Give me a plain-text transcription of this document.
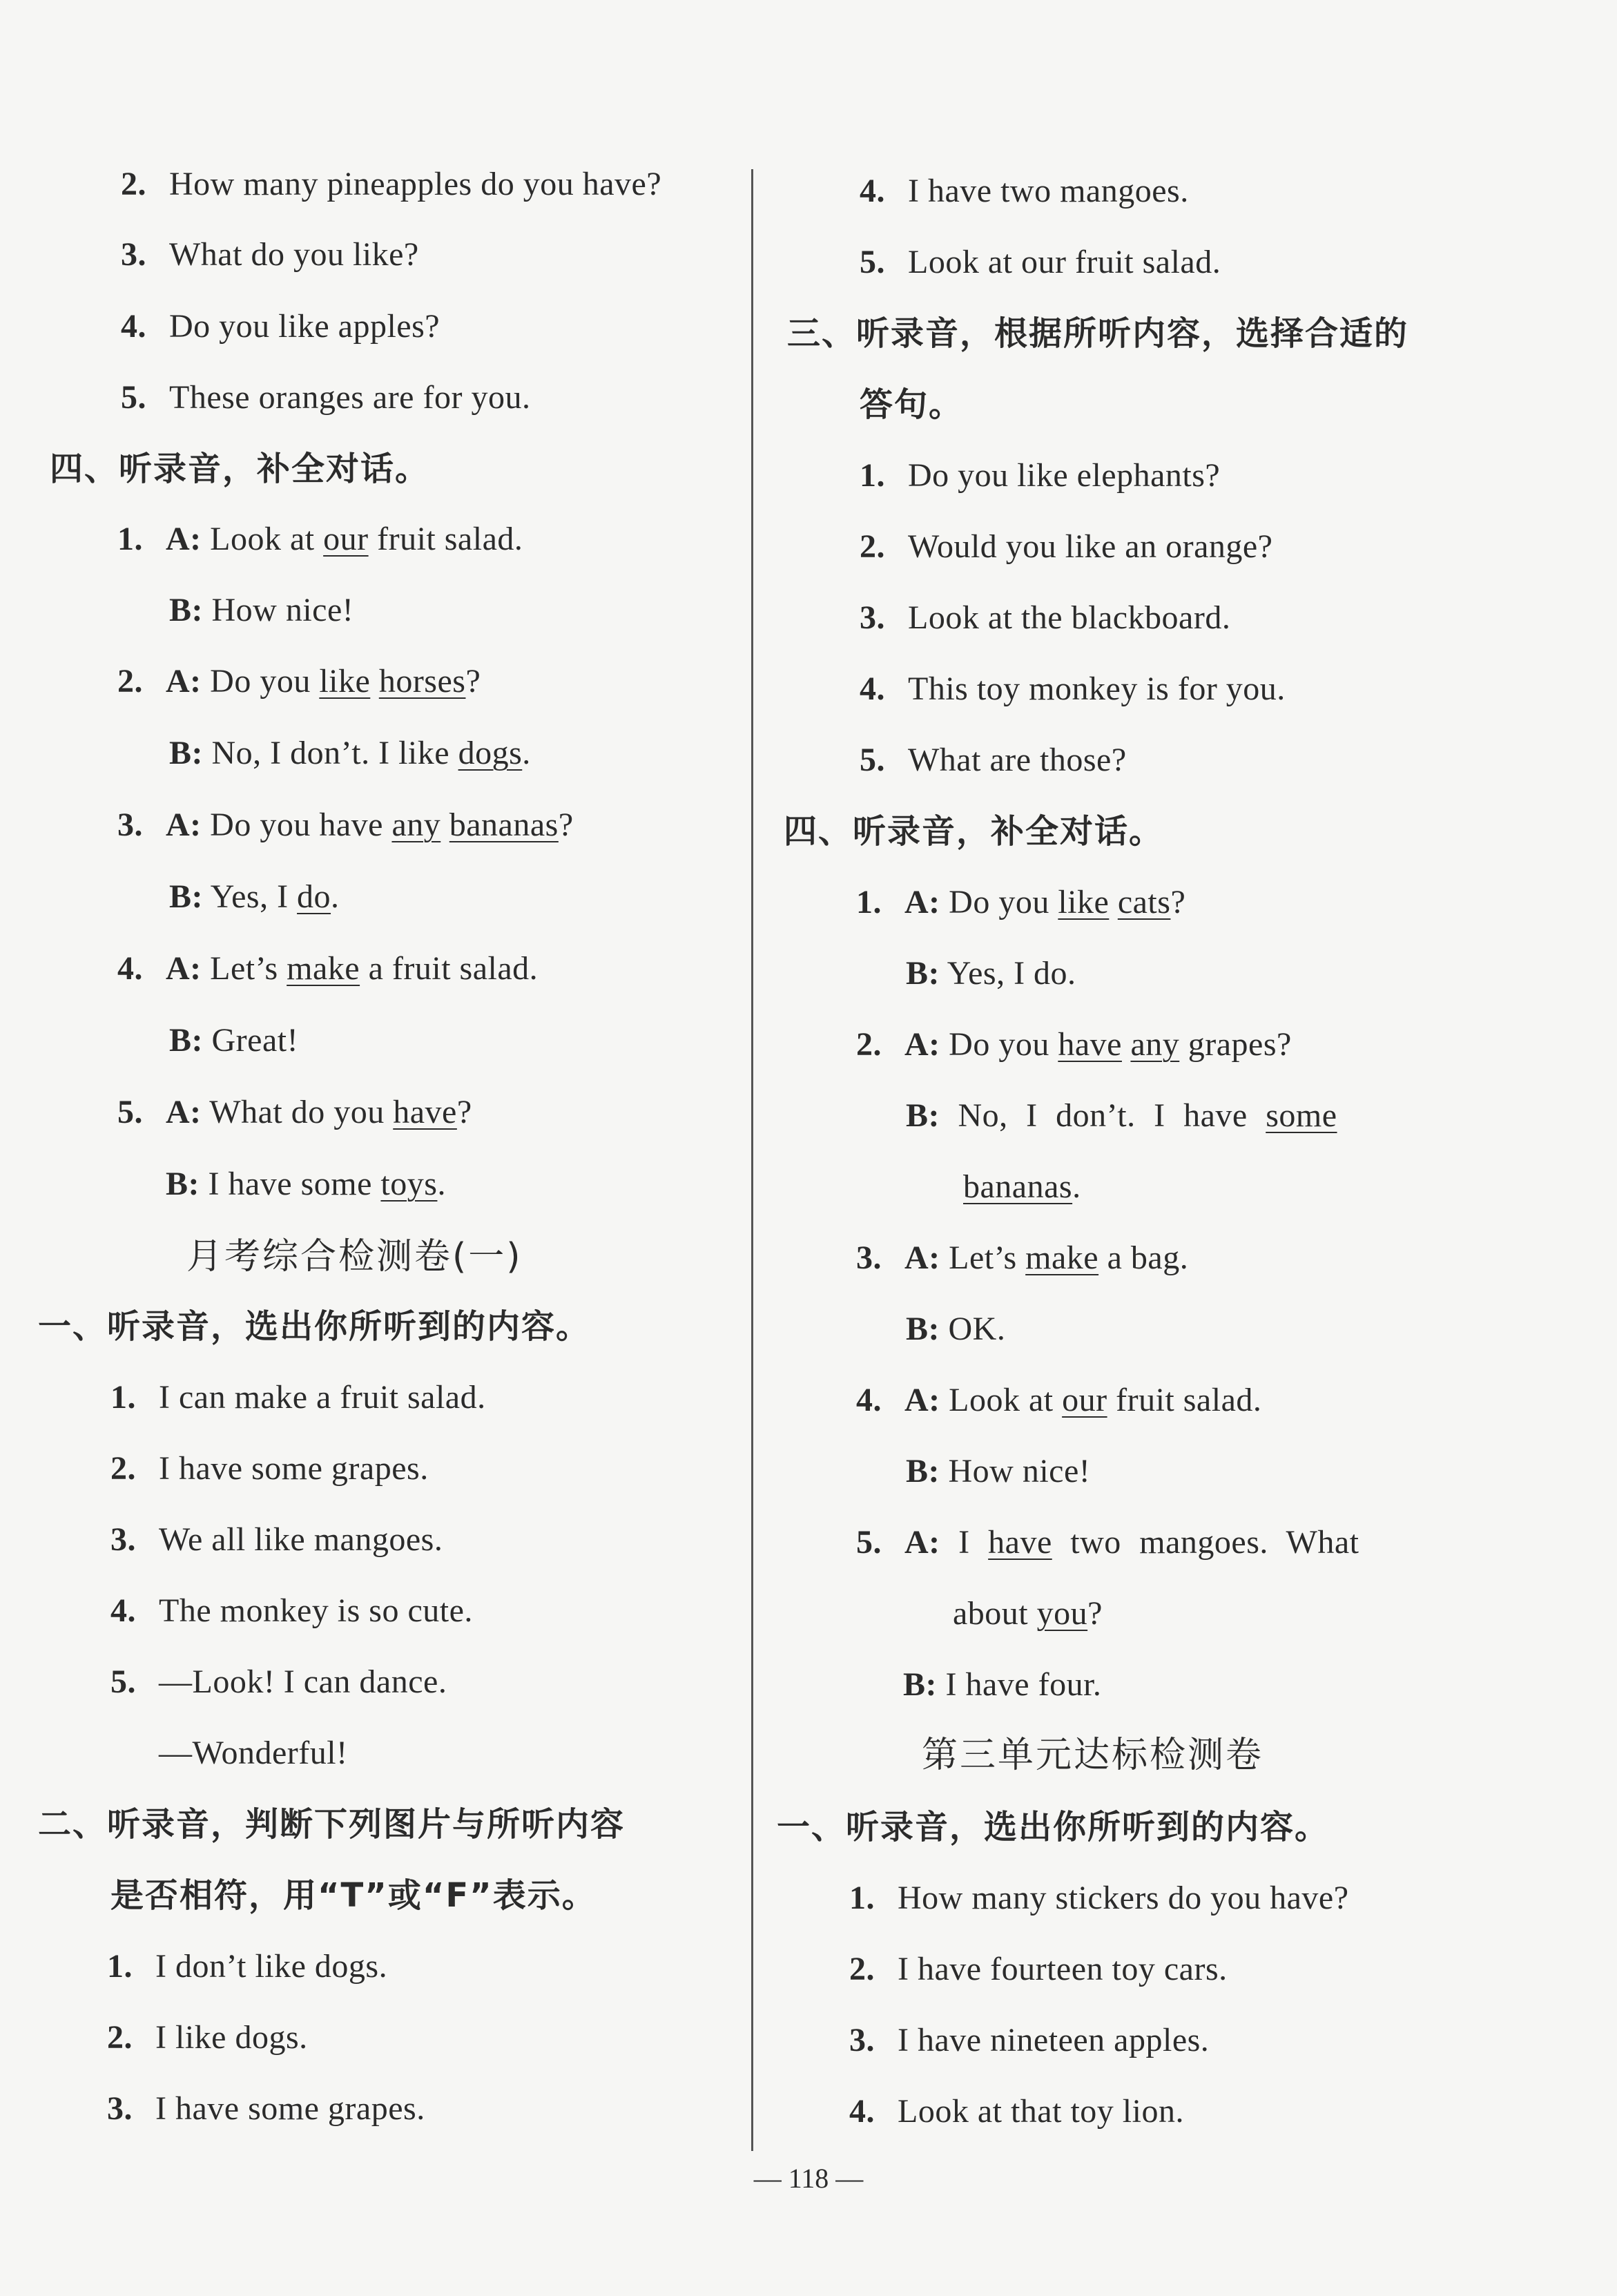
2. How many pineapples do you have?
3. What do you like?
4. Do you like apples?
5. These oranges are for you.
四、听录音，补全对话。
1. A: Look at our fruit salad.
B: How nice!
2. A: Do you like horses?
B: No, I don’t. I like dogs.
3. A: Do you have any bananas?
B: Yes, I do.
4. A: Let’s make a fruit salad.
B: Great!
5. A: What do you have?
B: I have some toys.
月考综合检测卷(一)
一、听录音，选出你所听到的内容。
1. I can make a fruit salad.
2. I have some grapes.
3. We all like mangoes.
4. The monkey is so cute.
5. —Look! I can dance.
—Wonderful!
二、听录音，判断下列图片与所听内容
是否相符，用“T”或“F”表示。
1. I don’t like dogs.
2. I like dogs.
3. I have some grapes.
4. I have two mangoes.
5. Look at our fruit salad.
三、听录音，根据所听内容，选择合适的
答句。
1. Do you like elephants?
2. Would you like an orange?
3. Look at the blackboard.
4. This toy monkey is for you.
5. What are those?
四、听录音，补全对话。
1. A: Do you like cats?
B: Yes, I do.
2. A: Do you have any grapes?
B: No, I don’t. I have some
bananas.
3. A: Let’s make a bag.
B: OK.
4. A: Look at our fruit salad.
B: How nice!
5. A: I have two mangoes. What
about you?
B: I have four.
第三单元达标检测卷
一、听录音，选出你所听到的内容。
1. How many stickers do you have?
2. I have fourteen toy cars.
3. I have nineteen apples.
4. Look at that toy lion.
— 118 —
